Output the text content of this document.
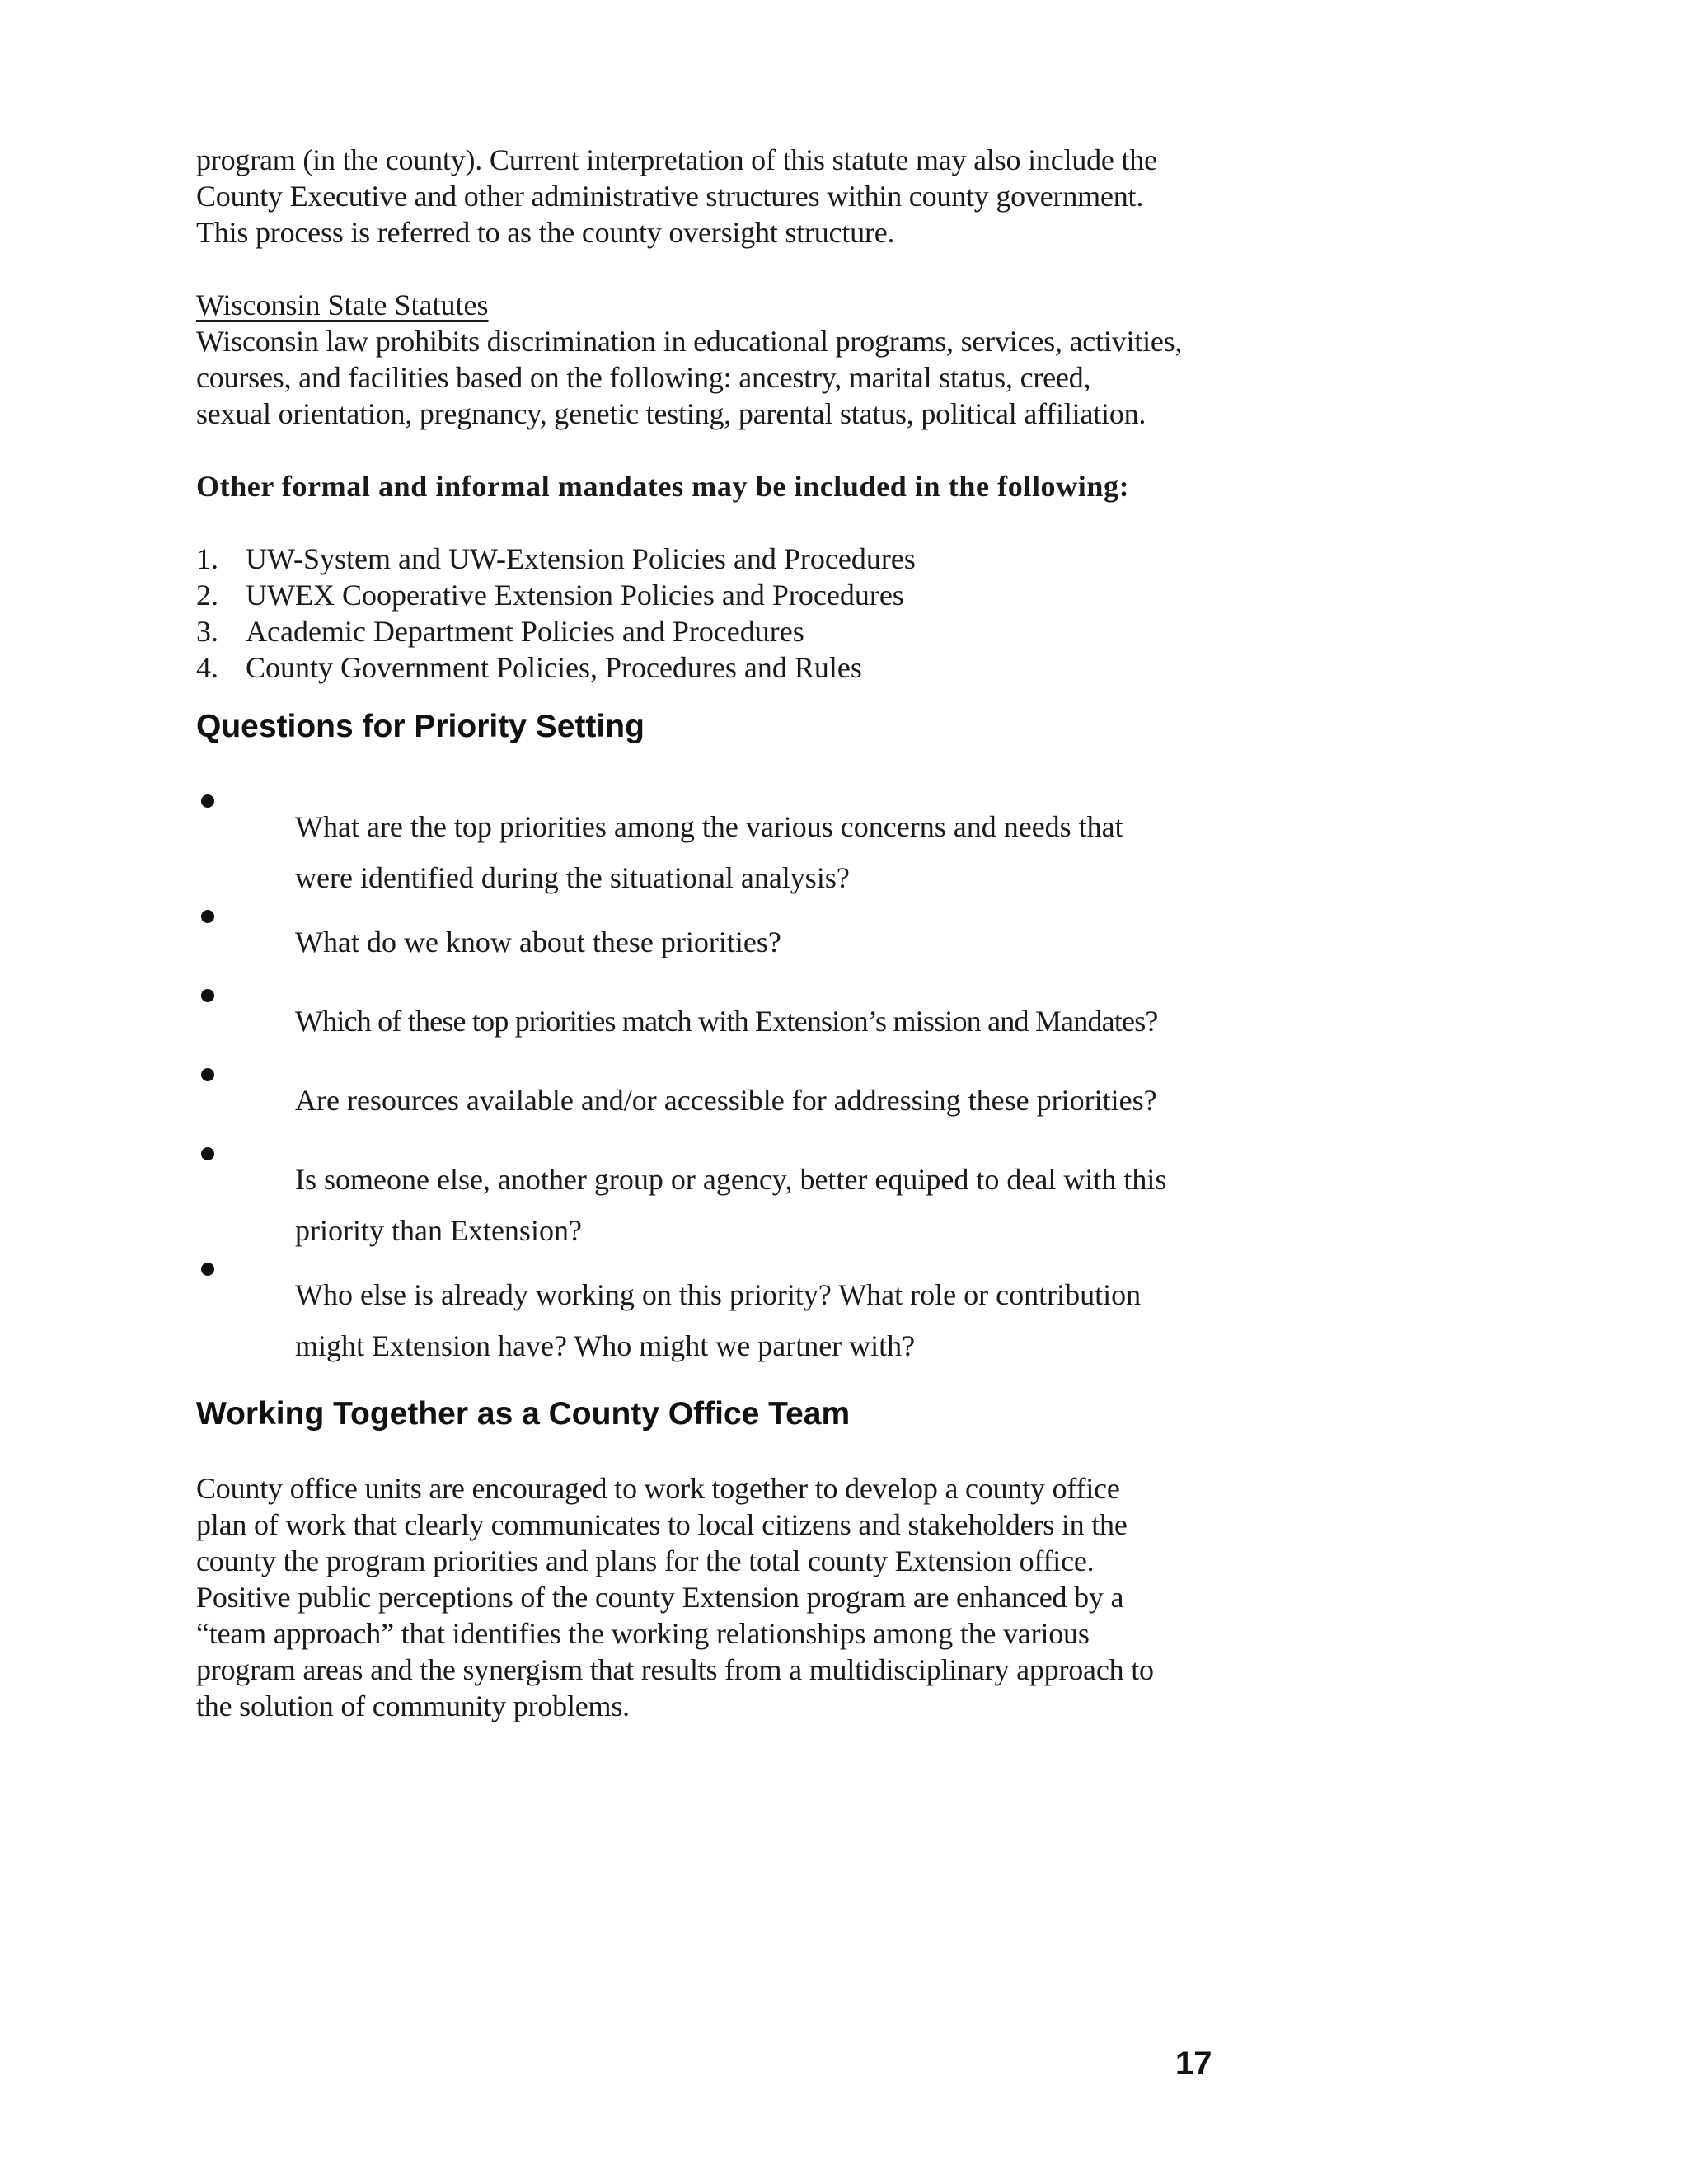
program (in the county). Current interpretation of this statute may also include the
County Executive and other administrative structures within county government.
This process is referred to as the county oversight structure.

Wisconsin State Statutes

Wisconsin law prohibits discrimination in educational programs, services, activities,
courses, and facilities based on the following: ancestry, marital status, creed,
sexual orientation, pregnancy, genetic testing, parental status, political affiliation.

Other formal and informal mandates may be included in the following:

1. UW-System and UW-Extension Policies and Procedures
2. UWEX Cooperative Extension Policies and Procedures
3. Academic Department Policies and Procedures
4. County Government Policies, Procedures and Rules
Questions for Priority Setting
What are the top priorities among the various concerns and needs that
were identified during the situational analysis?
What do we know about these priorities?
Which of these top priorities match with Extension’s mission and Mandates?
Are resources available and/or accessible for addressing these priorities?
Is someone else, another group or agency, better equiped to deal with this
priority than Extension?
Who else is already working on this priority? What role or contribution
might Extension have? Who might we partner with?
Working Together as a County Office Team

County office units are encouraged to work together to develop a county office
plan of work that clearly communicates to local citizens and stakeholders in the
county the program priorities and plans for the total county Extension office.
Positive public perceptions of the county Extension program are enhanced by a
“team approach” that identifies the working relationships among the various
program areas and the synergism that results from a multidisciplinary approach to
the solution of community problems.

17
